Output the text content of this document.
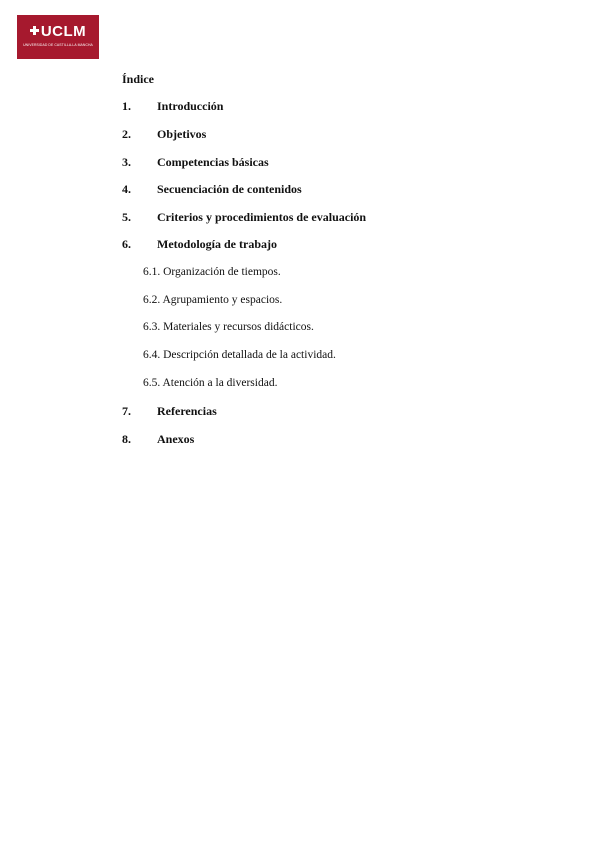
UCLM
UNIVERSIDAD DE CASTILLA-LA MANCHA
Índice
1. Introducción
2. Objetivos
3. Competencias básicas
4. Secuenciación de contenidos
5. Criterios y procedimientos de evaluación
6. Metodología de trabajo
6.1. Organización de tiempos.
6.2. Agrupamiento y espacios.
6.3. Materiales y recursos didácticos.
6.4. Descripción detallada de la actividad.
6.5. Atención a la diversidad.
7. Referencias
8. Anexos
